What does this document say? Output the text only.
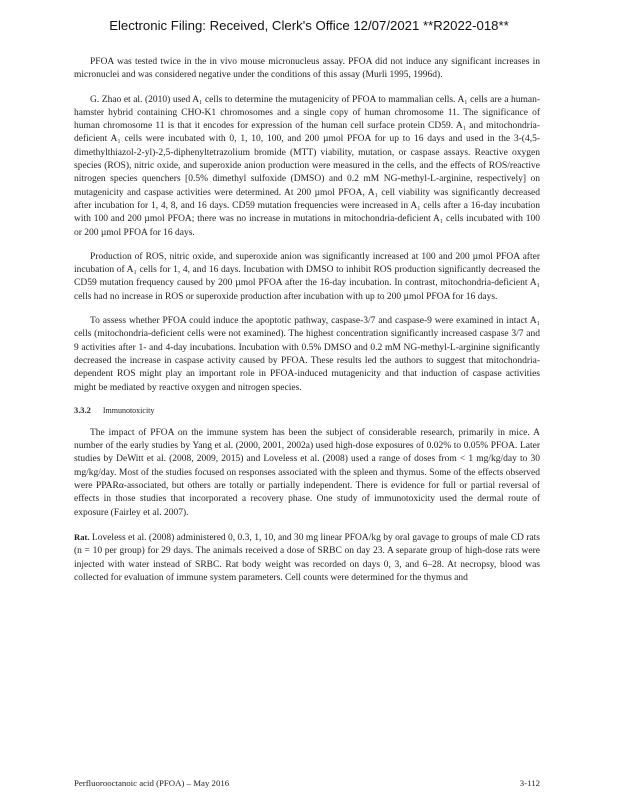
Electronic Filing: Received, Clerk's Office 12/07/2021 **R2022-018**

PFOA was tested twice in the in vivo mouse micronucleus assay. PFOA did not induce any significant increases in micronuclei and was considered negative under the conditions of this assay (Murli 1995, 1996d).

G. Zhao et al. (2010) used A₁ cells to determine the mutagenicity of PFOA to mammalian cells. A₁ cells are a human-hamster hybrid containing CHO-K1 chromosomes and a single copy of human chromosome 11. The significance of human chromosome 11 is that it encodes for expression of the human cell surface protein CD59. A₁ and mitochondria-deficient A₁ cells were incubated with 0, 1, 10, 100, and 200 µmol PFOA for up to 16 days and used in the 3-(4,5-dimethylthiazol-2-yl)-2,5-diphenyltetrazolium bromide (MTT) viability, mutation, or caspase assays. Reactive oxygen species (ROS), nitric oxide, and superoxide anion production were measured in the cells, and the effects of ROS/reactive nitrogen species quenchers [0.5% dimethyl sulfoxide (DMSO) and 0.2 mM NG-methyl-L-arginine, respectively] on mutagenicity and caspase activities were determined. At 200 µmol PFOA, A₁ cell viability was significantly decreased after incubation for 1, 4, 8, and 16 days. CD59 mutation frequencies were increased in A₁ cells after a 16-day incubation with 100 and 200 µmol PFOA; there was no increase in mutations in mitochondria-deficient A₁ cells incubated with 100 or 200 µmol PFOA for 16 days.

Production of ROS, nitric oxide, and superoxide anion was significantly increased at 100 and 200 µmol PFOA after incubation of A₁ cells for 1, 4, and 16 days. Incubation with DMSO to inhibit ROS production significantly decreased the CD59 mutation frequency caused by 200 µmol PFOA after the 16-day incubation. In contrast, mitochondria-deficient A₁ cells had no increase in ROS or superoxide production after incubation with up to 200 µmol PFOA for 16 days.

To assess whether PFOA could induce the apoptotic pathway, caspase-3/7 and caspase-9 were examined in intact A₁ cells (mitochondria-deficient cells were not examined). The highest concentration significantly increased caspase 3/7 and 9 activities after 1- and 4-day incubations. Incubation with 0.5% DMSO and 0.2 mM NG-methyl-L-arginine significantly decreased the increase in caspase activity caused by PFOA. These results led the authors to suggest that mitochondria-dependent ROS might play an important role in PFOA-induced mutagenicity and that induction of caspase activities might be mediated by reactive oxygen and nitrogen species.

3.3.2 Immunotoxicity

The impact of PFOA on the immune system has been the subject of considerable research, primarily in mice. A number of the early studies by Yang et al. (2000, 2001, 2002a) used high-dose exposures of 0.02% to 0.05% PFOA. Later studies by DeWitt et al. (2008, 2009, 2015) and Loveless et al. (2008) used a range of doses from < 1 mg/kg/day to 30 mg/kg/day. Most of the studies focused on responses associated with the spleen and thymus. Some of the effects observed were PPARα-associated, but others are totally or partially independent. There is evidence for full or partial reversal of effects in those studies that incorporated a recovery phase. One study of immunotoxicity used the dermal route of exposure (Fairley et al. 2007).

Rat. Loveless et al. (2008) administered 0, 0.3, 1, 10, and 30 mg linear PFOA/kg by oral gavage to groups of male CD rats (n = 10 per group) for 29 days. The animals received a dose of SRBC on day 23. A separate group of high-dose rats were injected with water instead of SRBC. Rat body weight was recorded on days 0, 3, and 6–28. At necropsy, blood was collected for evaluation of immune system parameters. Cell counts were determined for the thymus and

Perfluorooctanoic acid (PFOA) – May 2016	3-112
